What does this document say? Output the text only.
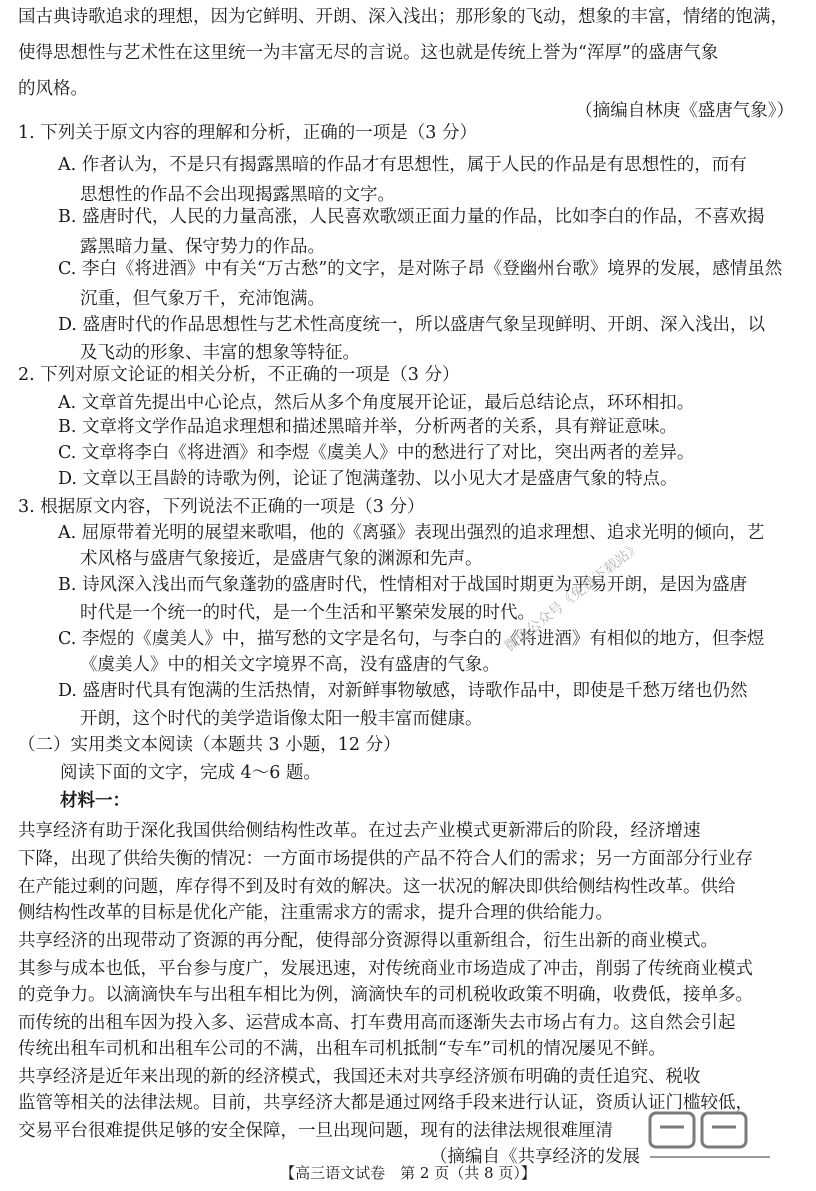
国古典诗歌追求的理想，因为它鲜明、开朗、深入浅出；那形象的飞动，想象的丰富，情绪的饱满，
使得思想性与艺术性在这里统一为丰富无尽的言说。这也就是传统上誉为“浑厚”的盛唐气象
的风格。
（摘编自林庚《盛唐气象》）
1. 下列关于原文内容的理解和分析，正确的一项是（3 分）
A. 作者认为，不是只有揭露黑暗的作品才有思想性，属于人民的作品是有思想性的，而有
思想性的作品不会出现揭露黑暗的文字。
B. 盛唐时代，人民的力量高涨，人民喜欢歌颂正面力量的作品，比如李白的作品，不喜欢揭
露黑暗力量、保守势力的作品。
C. 李白《将进酒》中有关“万古愁”的文字，是对陈子昂《登幽州台歌》境界的发展，感情虽然
沉重，但气象万千，充沛饱满。
D. 盛唐时代的作品思想性与艺术性高度统一，所以盛唐气象呈现鲜明、开朗、深入浅出，以
及飞动的形象、丰富的想象等特征。
2. 下列对原文论证的相关分析，不正确的一项是（3 分）
A. 文章首先提出中心论点，然后从多个角度展开论证，最后总结论点，环环相扣。
B. 文章将文学作品追求理想和描述黑暗并举，分析两者的关系，具有辩证意味。
C. 文章将李白《将进酒》和李煜《虞美人》中的愁进行了对比，突出两者的差异。
D. 文章以王昌龄的诗歌为例，论证了饱满蓬勃、以小见大才是盛唐气象的特点。
3. 根据原文内容，下列说法不正确的一项是（3 分）
A. 屈原带着光明的展望来歌唱，他的《离骚》表现出强烈的追求理想、追求光明的倾向，艺
术风格与盛唐气象接近，是盛唐气象的渊源和先声。
B. 诗风深入浅出而气象蓬勃的盛唐时代，性情相对于战国时期更为平易开朗，是因为盛唐
时代是一个统一的时代，是一个生活和平繁荣发展的时代。
C. 李煜的《虞美人》中，描写愁的文字是名句，与李白的《将进酒》有相似的地方，但李煜
《虞美人》中的相关文字境界不高，没有盛唐的气象。
D. 盛唐时代具有饱满的生活热情，对新鲜事物敏感，诗歌作品中，即使是千愁万绪也仍然
开朗，这个时代的美学造诣像太阳一般丰富而健康。
（二）实用类文本阅读（本题共 3 小题，12 分）
阅读下面的文字，完成 4～6 题。
材料一：
共享经济有助于深化我国供给侧结构性改革。在过去产业模式更新滞后的阶段，经济增速
下降，出现了供给失衡的情况：一方面市场提供的产品不符合人们的需求；另一方面部分行业存
在产能过剩的问题，库存得不到及时有效的解决。这一状况的解决即供给侧结构性改革。供给
侧结构性改革的目标是优化产能，注重需求方的需求，提升合理的供给能力。
共享经济的出现带动了资源的再分配，使得部分资源得以重新组合，衍生出新的商业模式。
其参与成本也低，平台参与度广，发展迅速，对传统商业市场造成了冲击，削弱了传统商业模式
的竞争力。以滴滴快车与出租车相比为例，滴滴快车的司机税收政策不明确，收费低，接单多。
而传统的出租车因为投入多、运营成本高、打车费用高而逐渐失去市场占有力。这自然会引起
传统出租车司机和出租车公司的不满，出租车司机抵制“专车”司机的情况屡见不鲜。
共享经济是近年来出现的新的经济模式，我国还未对共享经济颁布明确的责任追究、税收
监管等相关的法律法规。目前，共享经济大都是通过网络手段来进行认证，资质认证门槛较低，
交易平台很难提供足够的安全保障，一旦出现问题，现有的法律法规很难厘清
（摘编自《共享经济的发展
微信公众号《免费下载站》
【高三语文试卷　第 2 页（共 8 页）】
